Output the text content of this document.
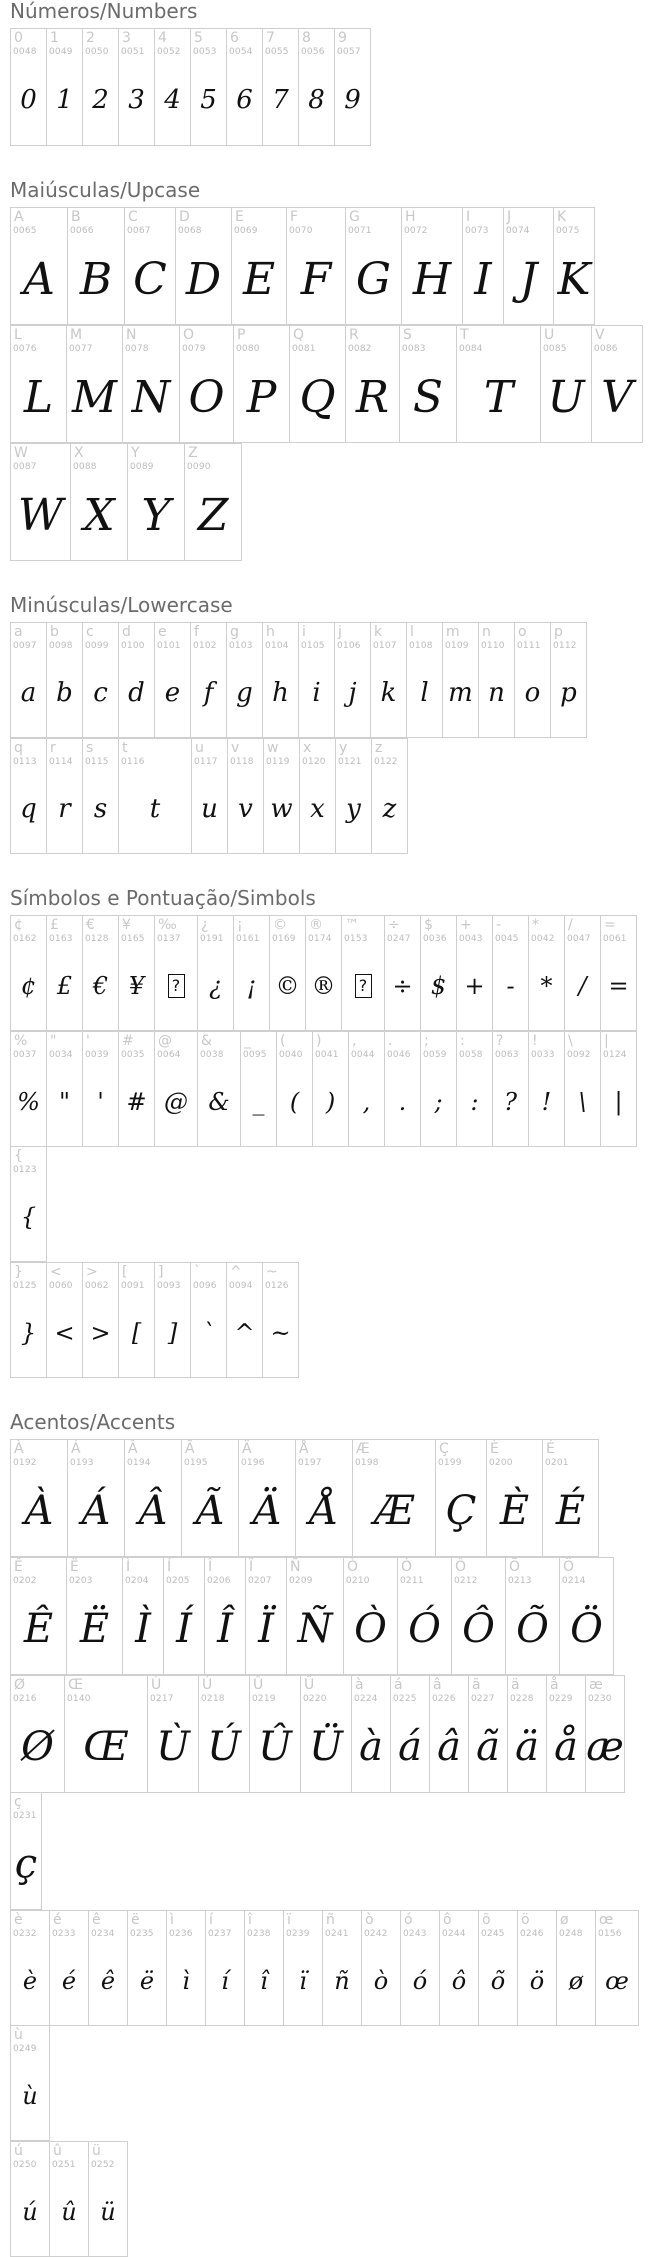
Números/Numbers
0
0048
0
1
0049
1
2
0050
2
3
0051
3
4
0052
4
5
0053
5
6
0054
6
7
0055
7
8
0056
8
9
0057
9
Maiúsculas/Upcase
A
0065
A
B
0066
B
C
0067
C
D
0068
D
E
0069
E
F
0070
F
G
0071
G
H
0072
H
I
0073
I
J
0074
J
K
0075
K
L
0076
L
M
0077
M
N
0078
N
O
0079
O
P
0080
P
Q
0081
Q
R
0082
R
S
0083
S
T
0084
T
U
0085
U
V
0086
V
W
0087
W
X
0088
X
Y
0089
Y
Z
0090
Z
Minúsculas/Lowercase
a
0097
a
b
0098
b
c
0099
c
d
0100
d
e
0101
e
f
0102
f
g
0103
g
h
0104
h
i
0105
i
j
0106
j
k
0107
k
l
0108
l
m
0109
m
n
0110
n
o
0111
o
p
0112
p
q
0113
q
r
0114
r
s
0115
s
t
0116
t
u
0117
u
v
0118
v
w
0119
w
x
0120
x
y
0121
y
z
0122
z
Símbolos e Pontuação/Simbols
¢
0162
¢
£
0163
£
€
0128
€
¥
0165
¥
‰
0137
?
¿
0191
¿
¡
0161
¡
©
0169
©
®
0174
®
™
0153
?
÷
0247
÷
$
0036
$
+
0043
+
-
0045
-
*
0042
*
/
0047
/
=
0061
=
%
0037
%
"
0034
"
'
0039
'
#
0035
#
@
0064
@
&
0038
&
_
0095
_
(
0040
(
)
0041
)
,
0044
,
.
0046
.
;
0059
;
:
0058
:
?
0063
?
!
0033
!
\
0092
\
|
0124
|
{
0123
{
}
0125
}
<
0060
<
>
0062
>
[
0091
[
]
0093
]
`
0096
`
^
0094
^
~
0126
~
Acentos/Accents
À
0192
À
Á
0193
Á
Â
0194
Â
Ã
0195
Ã
Ä
0196
Ä
Å
0197
Å
Æ
0198
Æ
Ç
0199
Ç
È
0200
È
É
0201
É
Ê
0202
Ê
Ë
0203
Ë
Ì
0204
Ì
Í
0205
Í
Î
0206
Î
Ï
0207
Ï
Ñ
0209
Ñ
Ò
0210
Ò
Ó
0211
Ó
Ô
0212
Ô
Õ
0213
Õ
Ö
0214
Ö
Ø
0216
Ø
Œ
0140
Œ
Ù
0217
Ù
Ú
0218
Ú
Û
0219
Û
Ü
0220
Ü
à
0224
à
á
0225
á
â
0226
â
ã
0227
ã
ä
0228
ä
å
0229
å
æ
0230
æ
ç
0231
ç
è
0232
è
é
0233
é
ê
0234
ê
ë
0235
ë
ì
0236
ì
í
0237
í
î
0238
î
ï
0239
ï
ñ
0241
ñ
ò
0242
ò
ó
0243
ó
ô
0244
ô
õ
0245
õ
ö
0246
ö
ø
0248
ø
œ
0156
œ
ù
0249
ù
ú
0250
ú
û
0251
û
ü
0252
ü
